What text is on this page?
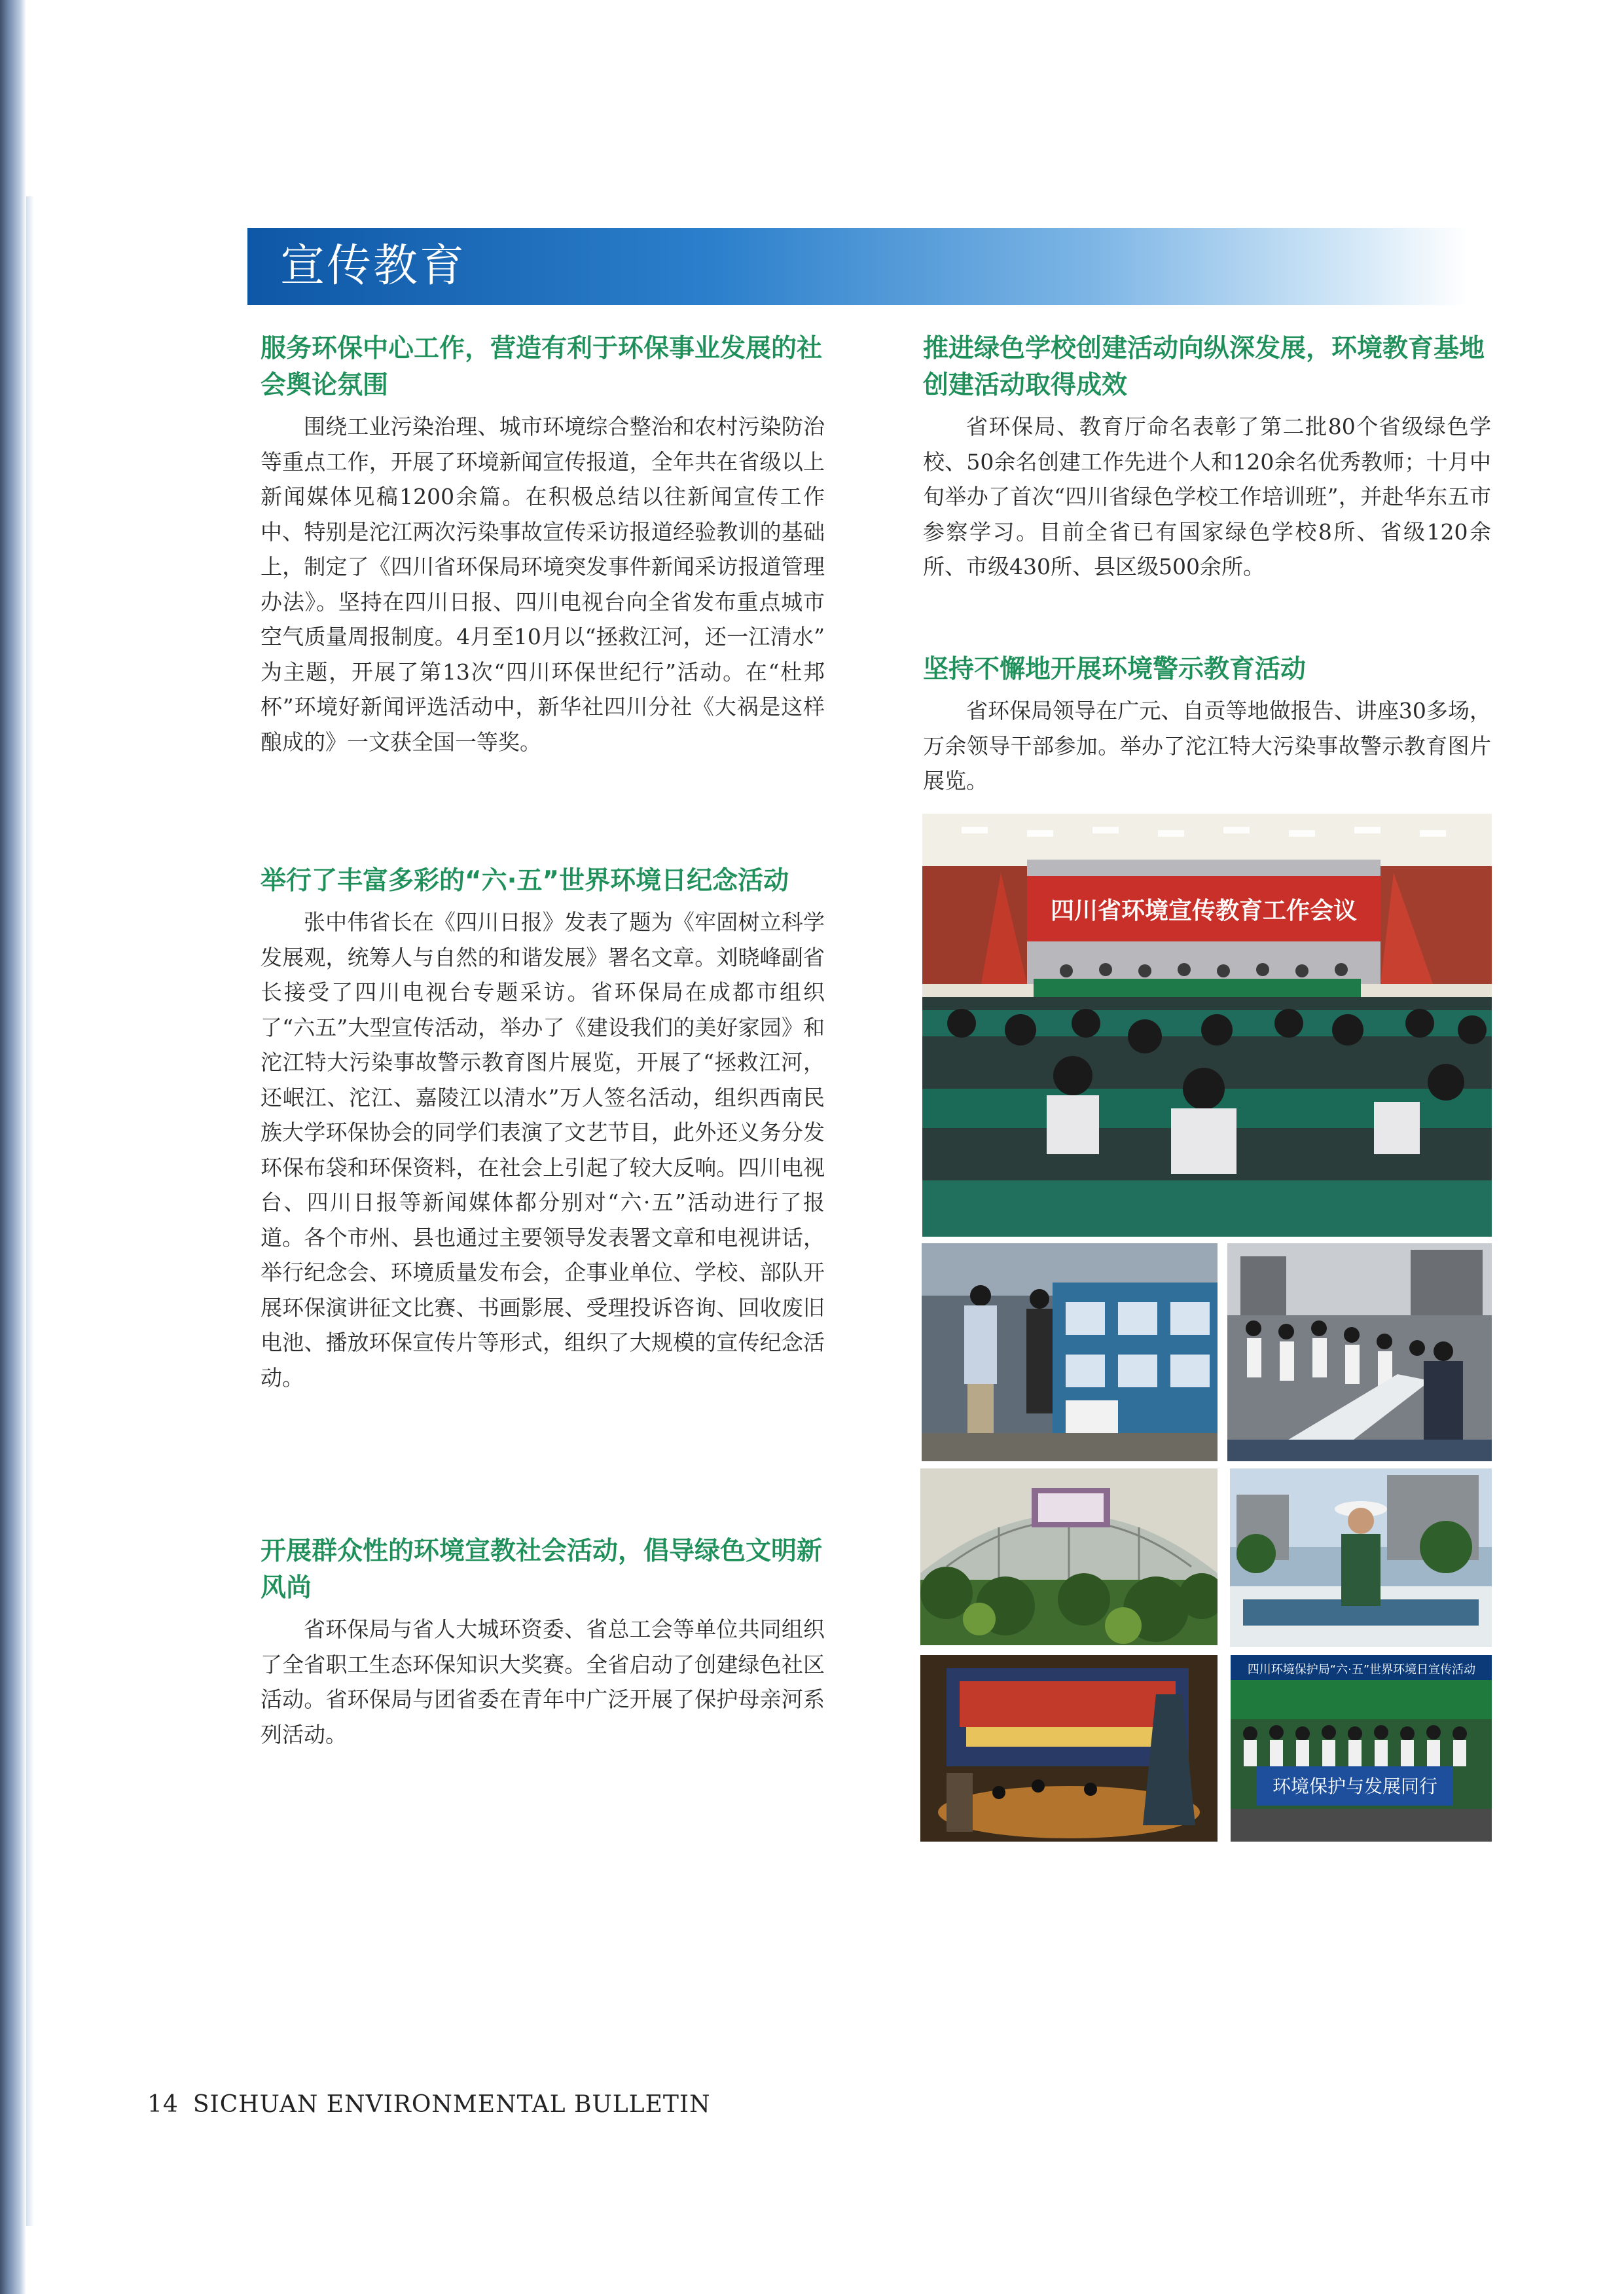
宣传教育
服务环保中心工作，营造有利于环保事业发展的社会舆论氛围

围绕工业污染治理、城市环境综合整治和农村污染防治等重点工作，开展了环境新闻宣传报道，全年共在省级以上新闻媒体见稿1200余篇。在积极总结以往新闻宣传工作中、特别是沱江两次污染事故宣传采访报道经验教训的基础上，制定了《四川省环保局环境突发事件新闻采访报道管理办法》。坚持在四川日报、四川电视台向全省发布重点城市空气质量周报制度。4月至10月以“拯救江河，还一江清水” 为主题，开展了第13次“四川环保世纪行”活动。在“杜邦杯”环境好新闻评选活动中，新华社四川分社《大祸是这样酿成的》一文获全国一等奖。

举行了丰富多彩的“六·五”世界环境日纪念活动

张中伟省长在《四川日报》发表了题为《牢固树立科学发展观，统筹人与自然的和谐发展》署名文章。刘晓峰副省长接受了四川电视台专题采访。省环保局在成都市组织了“六五”大型宣传活动，举办了《建设我们的美好家园》和沱江特大污染事故警示教育图片展览，开展了“拯救江河，还岷江、沱江、嘉陵江以清水”万人签名活动，组织西南民族大学环保协会的同学们表演了文艺节目，此外还义务分发环保布袋和环保资料，在社会上引起了较大反响。四川电视台、四川日报等新闻媒体都分别对“六·五”活动进行了报道。各个市州、县也通过主要领导发表署文章和电视讲话，举行纪念会、环境质量发布会，企事业单位、学校、部队开展环保演讲征文比赛、书画影展、受理投诉咨询、回收废旧电池、播放环保宣传片等形式，组织了大规模的宣传纪念活动。

开展群众性的环境宣教社会活动，倡导绿色文明新风尚

省环保局与省人大城环资委、省总工会等单位共同组织了全省职工生态环保知识大奖赛。全省启动了创建绿色社区活动。省环保局与团省委在青年中广泛开展了保护母亲河系列活动。

推进绿色学校创建活动向纵深发展，环境教育基地创建活动取得成效

省环保局、教育厅命名表彰了第二批80个省级绿色学校、50余名创建工作先进个人和120余名优秀教师；十月中旬举办了首次“四川省绿色学校工作培训班”，并赴华东五市参察学习。目前全省已有国家绿色学校8所、省级120余所、市级430所、县区级500余所。

坚持不懈地开展环境警示教育活动

省环保局领导在广元、自贡等地做报告、讲座30多场，万余领导干部参加。举办了沱江特大污染事故警示教育图片展览。

四川省环境宣传教育工作会议
四川环境保护局“六·五”世界环境日宣传活动
环境保护与发展同行
14 SICHUAN ENVIRONMENTAL BULLETIN
